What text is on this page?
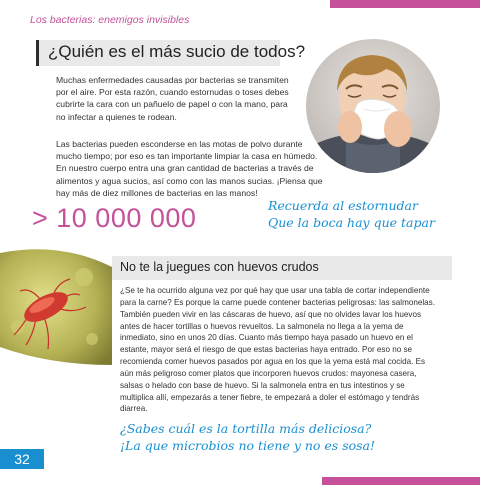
Los bacterias: enemigos invisibles
¿Quién es el más sucio de todos?

Muchas enfermedades causadas por bacterias se transmiten por el aire. Por esta razón, cuando estornudas o toses debes cubrirte la cara con un pañuelo de papel o con la mano, para no infectar a quienes te rodean.

Las bacterias pueden esconderse en las motas de polvo durante mucho tiempo; por eso es tan importante limpiar la casa en húmedo. En nuestro cuerpo entra una gran cantidad de bacterias a través de alimentos y agua sucios, así como con las manos sucias. ¡Piensa que hay más de diez millones de bacterias en las manos!

> 10 000 000	Recuerda al estornudar
Que la boca hay que tapar
No te la juegues con huevos crudos

¿Se te ha ocurrido alguna vez por qué hay que usar una tabla de cortar independiente para la carne? Es porque la carne puede contener bacterias peligrosas: las salmonelas. También pueden vivir en las cáscaras de huevo, así que no olvides lavar los huevos antes de hacer tortillas o huevos revueltos. La salmonela no llega a la yema de inmediato, sino en unos 20 días. Cuanto más tiempo haya pasado un huevo en el estante, mayor será el riesgo de que estas bacterias haya entrado. Por eso no se recomienda comer huevos pasados por agua en los que la yema está mal cocida. Es aún más peligroso comer platos que incorporen huevos crudos: mayonesa casera, salsas o helado con base de huevo. Si la salmonela entra en tus intestinos y se multiplica allí, empezarás a tener fiebre, te empezará a doler el estómago y tendrás diarrea.

¿Sabes cuál es la tortilla más deliciosa?
¡La que microbios no tiene y no es sosa!
32
